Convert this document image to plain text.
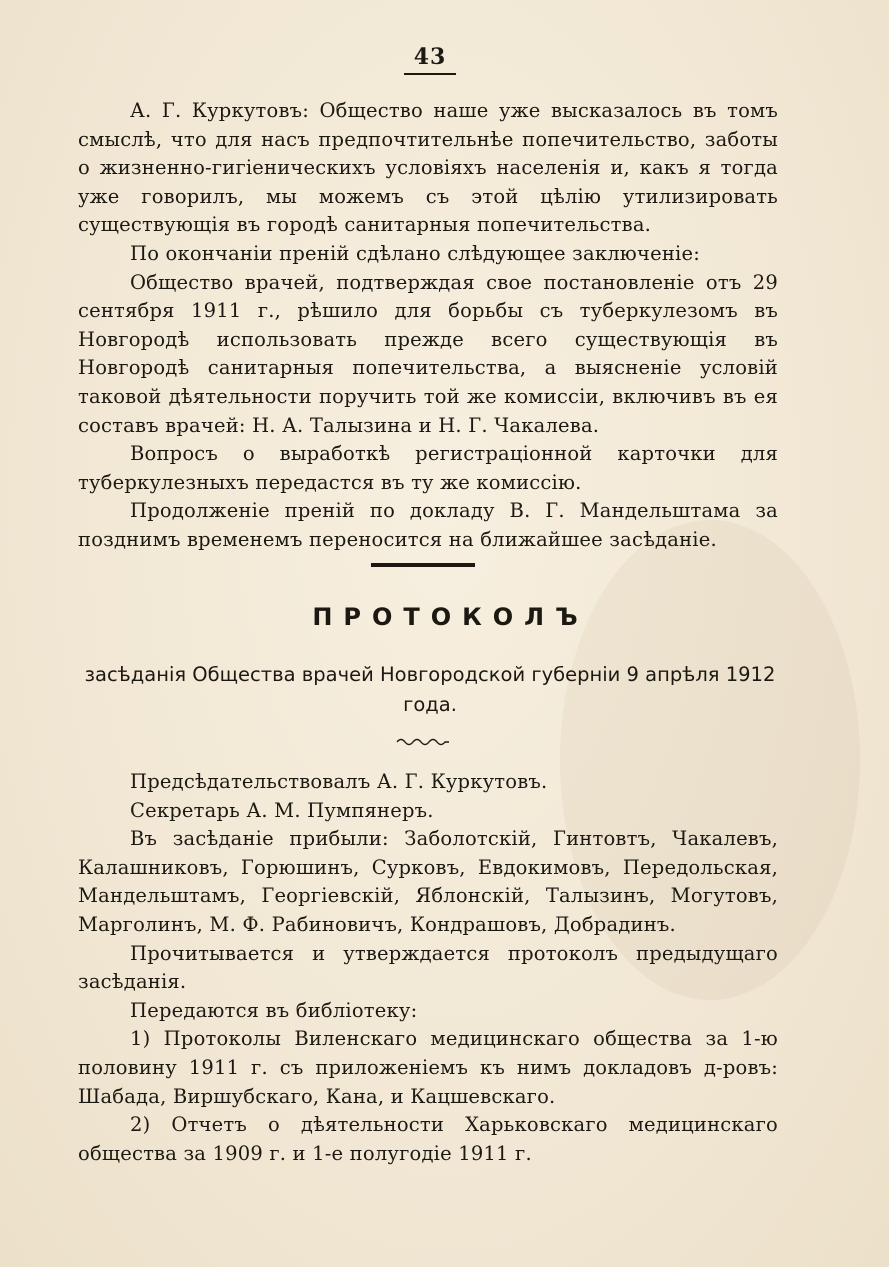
43

А. Г. Куркутовъ: Общество наше уже высказалось въ томъ смыслѣ, что для насъ предпочтительнѣе попечительство, заботы о жизненно-гигіеническихъ условіяхъ населенія и, какъ я тогда уже говорилъ, мы можемъ съ этой цѣлію утилизировать существующія въ городѣ санитарныя попечительства.

По окончаніи преній сдѣлано слѣдующее заключеніе:

Общество врачей, подтверждая свое постановленіе отъ 29 сентября 1911 г., рѣшило для борьбы съ туберкулезомъ въ Новгородѣ использовать прежде всего существующія въ Новгородѣ санитарныя попечительства, а выясненіе условій таковой дѣятельности поручить той же комиссіи, включивъ въ ея составъ врачей: Н. А. Талызина и Н. Г. Чакалева.

Вопросъ о выработкѣ регистраціонной карточки для туберкулезныхъ передастся въ ту же комиссію.

Продолженіе преній по докладу В. Г. Мандельштама за позднимъ временемъ переносится на ближайшее засѣданіе.

ПРОТОКОЛЪ
засѣданія Общества врачей Новгородской губерніи 9 апрѣля 1912 года.

Предсѣдательствовалъ А. Г. Куркутовъ.

Секретарь А. М. Пумпянеръ.

Въ засѣданіе прибыли: Заболотскій, Гинтовтъ, Чакалевъ, Калашниковъ, Горюшинъ, Сурковъ, Евдокимовъ, Передольская, Мандельштамъ, Георгіевскій, Яблонскій, Талызинъ, Могутовъ, Марголинъ, М. Ф. Рабиновичъ, Кондрашовъ, Добрадинъ.

Прочитывается и утверждается протоколъ предыдущаго засѣданія.

Передаются въ библіотеку:

1) Протоколы Виленскаго медицинскаго общества за 1-ю половину 1911 г. съ приложеніемъ къ нимъ докладовъ д-ровъ: Шабада, Виршубскаго, Кана, и Кацшевскаго.

2) Отчетъ о дѣятельности Харьковскаго медицинскаго общества за 1909 г. и 1-е полугодіе 1911 г.
